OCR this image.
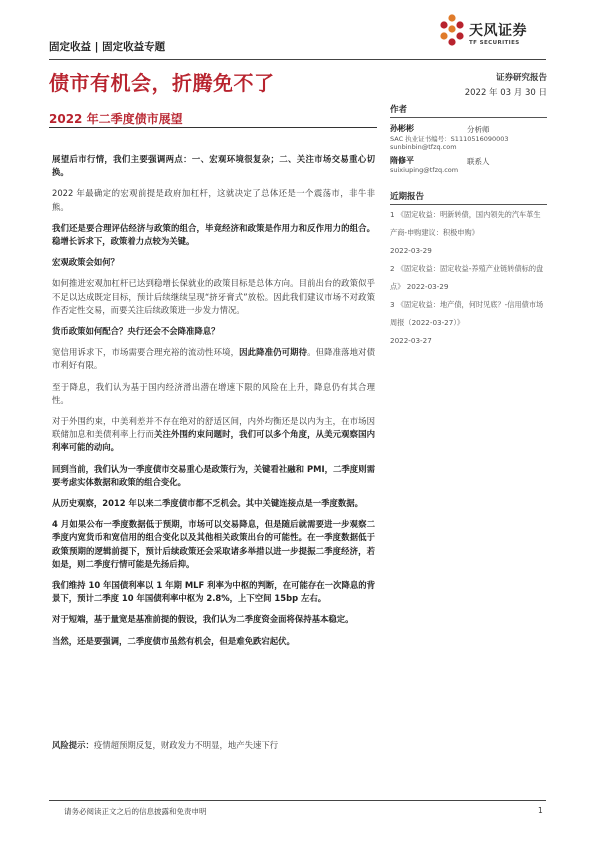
固定收益 | 固定收益专题
天风证券
TF SECURITIES
债市有机会，折腾免不了
2022 年二季度债市展望
证券研究报告
2022 年 03 月 30 日
作者
孙彬彬	分析师
SAC 执业证书编号：S1110516090003
sunbinbin@tfzq.com
隋修平	联系人
suixiuping@tfzq.com
近期报告
1 《固定收益：明新转债，国内领先的汽车革生产商-申购建议：积极申购》
2022-03-29
2 《固定收益：固定收益-养殖产业链转债标的盘点》 2022-03-29
3 《固定收益：地产债，何时见底？-信用债市场周报（2022-03-27）》
2022-03-27

展望后市行情，我们主要强调两点：一、宏观环境很复杂；二、关注市场交易重心切换。

2022 年最确定的宏观前提是政府加杠杆，这就决定了总体还是一个震荡市，非牛非熊。

我们还是要合理评估经济与政策的组合，毕竟经济和政策是作用力和反作用力的组合。稳增长诉求下，政策着力点较为关键。

宏观政策会如何？

如何推进宏观加杠杆已达到稳增长保就业的政策目标是总体方向。目前出台的政策似乎不足以达成既定目标，预计后续继续呈现“挤牙膏式”放松。因此我们建议市场不对政策作否定性交易，而要关注后续政策进一步发力情况。

货币政策如何配合？央行还会不会降准降息？

宽信用诉求下，市场需要合理充裕的流动性环境，因此降准仍可期待。但降准落地对债市利好有限。

至于降息，我们认为基于国内经济滑出潜在增速下限的风险在上升，降息仍有其合理性。

对于外围约束，中美利差并不存在绝对的舒适区间，内外均衡还是以内为主，在市场因联储加息和美债利率上行而关注外围约束问题时，我们可以多个角度，从美元观察国内利率可能的动向。

回到当前，我们认为一季度债市交易重心是政策行为，关键看社融和 PMI，二季度则需要考虑实体数据和政策的组合变化。

从历史观察，2012 年以来二季度债市都不乏机会。其中关键连接点是一季度数据。

4 月如果公布一季度数据低于预期，市场可以交易降息，但是随后就需要进一步观察二季度内宽货币和宽信用的组合变化以及其他相关政策出台的可能性。在一季度数据低于政策预期的逻辑前提下，预计后续政策还会采取诸多举措以进一步提振二季度经济，若如是，则二季度行情可能是先扬后抑。

我们维持 10 年国债利率以 1 年期 MLF 利率为中枢的判断，在可能存在一次降息的背景下，预计二季度 10 年国债利率中枢为 2.8%，上下空间 15bp 左右。

对于短端，基于量宽是基准前提的假设，我们认为二季度资金面将保持基本稳定。

当然，还是要强调，二季度债市虽然有机会，但是难免跌宕起伏。

风险提示：疫情超预期反复，财政发力不明显，地产失速下行
请务必阅读正文之后的信息披露和免责申明	1
